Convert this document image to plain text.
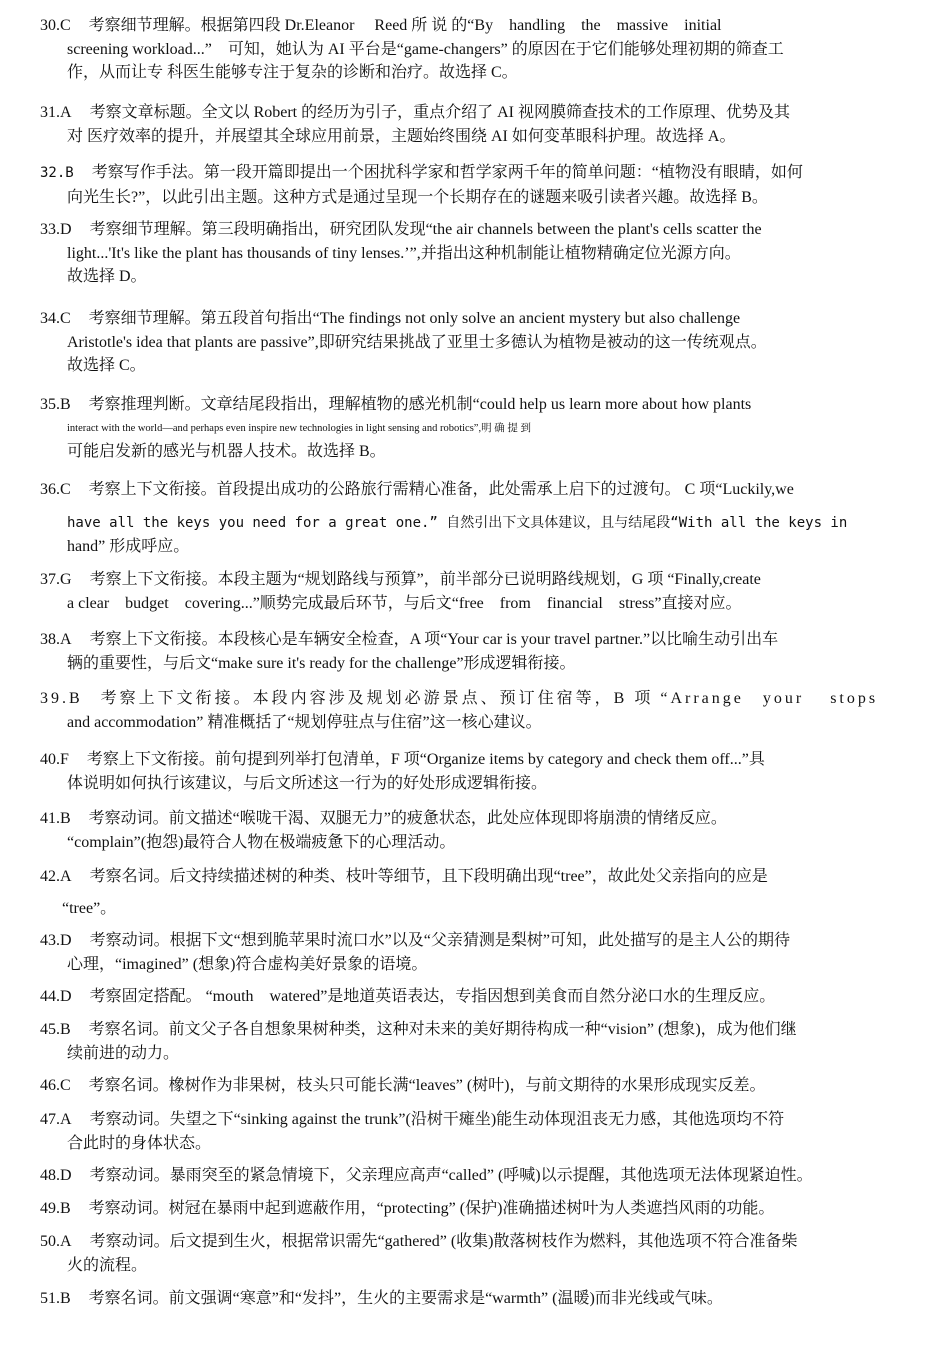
30.C 考察细节理解。根据第四段 Dr.Eleanor　 Reed 所 说 的“By　handling　the　massive　initial
screening workload...”　可知，她认为 AI 平台是“game-changers” 的原因在于它们能够处理初期的筛查工
作，从而让专 科医生能够专注于复杂的诊断和治疗。故选择 C。
31.A 考察文章标题。全文以 Robert 的经历为引子，重点介绍了 AI 视网膜筛查技术的工作原理、优势及其
对 医疗效率的提升，并展望其全球应用前景，主题始终围绕 AI 如何变革眼科护理。故选择 A。
32.B 考察写作手法。第一段开篇即提出一个困扰科学家和哲学家两千年的简单问题：“植物没有眼睛，如何
向光生长?”，以此引出主题。这种方式是通过呈现一个长期存在的谜题来吸引读者兴趣。故选择 B。
33.D 考察细节理解。第三段明确指出，研究团队发现“the air channels between the plant's cells scatter the
light...'It's like the plant has thousands of tiny lenses.’”,并指出这种机制能让植物精确定位光源方向。
故选择 D。
34.C 考察细节理解。第五段首句指出“The findings not only solve an ancient mystery but also challenge
Aristotle's idea that plants are passive”,即研究结果挑战了亚里士多德认为植物是被动的这一传统观点。
故选择 C。
35.B 考察推理判断。文章结尾段指出，理解植物的感光机制“could help us learn more about how plants
interact with the world—and perhaps even inspire new technologies in light sensing and robotics”,明 确 提 到
可能启发新的感光与机器人技术。故选择 B。
36.C 考察上下文衔接。首段提出成功的公路旅行需精心准备，此处需承上启下的过渡句。 C 项“Luckily,we
have all the keys you need for a great one.” 自然引出下文具体建议，且与结尾段“With all the keys in
hand” 形成呼应。
37.G 考察上下文衔接。本段主题为“规划路线与预算”，前半部分已说明路线规划，G 项 “Finally,create
a clear　budget　covering...”顺势完成最后环节，与后文“free　from　financial　stress”直接对应。
38.A 考察上下文衔接。本段核心是车辆安全检查，A 项“Your car is your travel partner.”以比喻生动引出车
辆的重要性，与后文“make sure it's ready for the challenge”形成逻辑衔接。
39.B 考察上下文衔接。本段内容涉及规划必游景点、预订住宿等，B 项 “Arrange　your　 stops
and accommodation” 精准概括了“规划停驻点与住宿”这一核心建议。
40.F 考察上下文衔接。前句提到列举打包清单，F 项“Organize items by category and check them off...”具
体说明如何执行该建议，与后文所述这一行为的好处形成逻辑衔接。
41.B 考察动词。前文描述“喉咙干渴、双腿无力”的疲惫状态，此处应体现即将崩溃的情绪反应。
“complain”(抱怨)最符合人物在极端疲惫下的心理活动。
42.A 考察名词。后文持续描述树的种类、枝叶等细节，且下段明确出现“tree”，故此处父亲指向的应是
“tree”。
43.D 考察动词。根据下文“想到脆苹果时流口水”以及“父亲猜测是梨树”可知，此处描写的是主人公的期待
心理，“imagined” (想象)符合虚构美好景象的语境。
44.D 考察固定搭配。 “mouth　watered”是地道英语表达，专指因想到美食而自然分泌口水的生理反应。
45.B 考察名词。前文父子各自想象果树种类，这种对未来的美好期待构成一种“vision” (想象)，成为他们继
续前进的动力。
46.C 考察名词。橡树作为非果树，枝头只可能长满“leaves” (树叶)，与前文期待的水果形成现实反差。
47.A 考察动词。失望之下“sinking against the trunk”(沿树干瘫坐)能生动体现沮丧无力感，其他选项均不符
合此时的身体状态。
48.D 考察动词。暴雨突至的紧急情境下，父亲理应高声“called” (呼喊)以示提醒，其他选项无法体现紧迫性。
49.B 考察动词。树冠在暴雨中起到遮蔽作用，“protecting” (保护)准确描述树叶为人类遮挡风雨的功能。
50.A 考察动词。后文提到生火，根据常识需先“gathered” (收集)散落树枝作为燃料，其他选项不符合准备柴
火的流程。
51.B 考察名词。前文强调“寒意”和“发抖”，生火的主要需求是“warmth” (温暖)而非光线或气味。
